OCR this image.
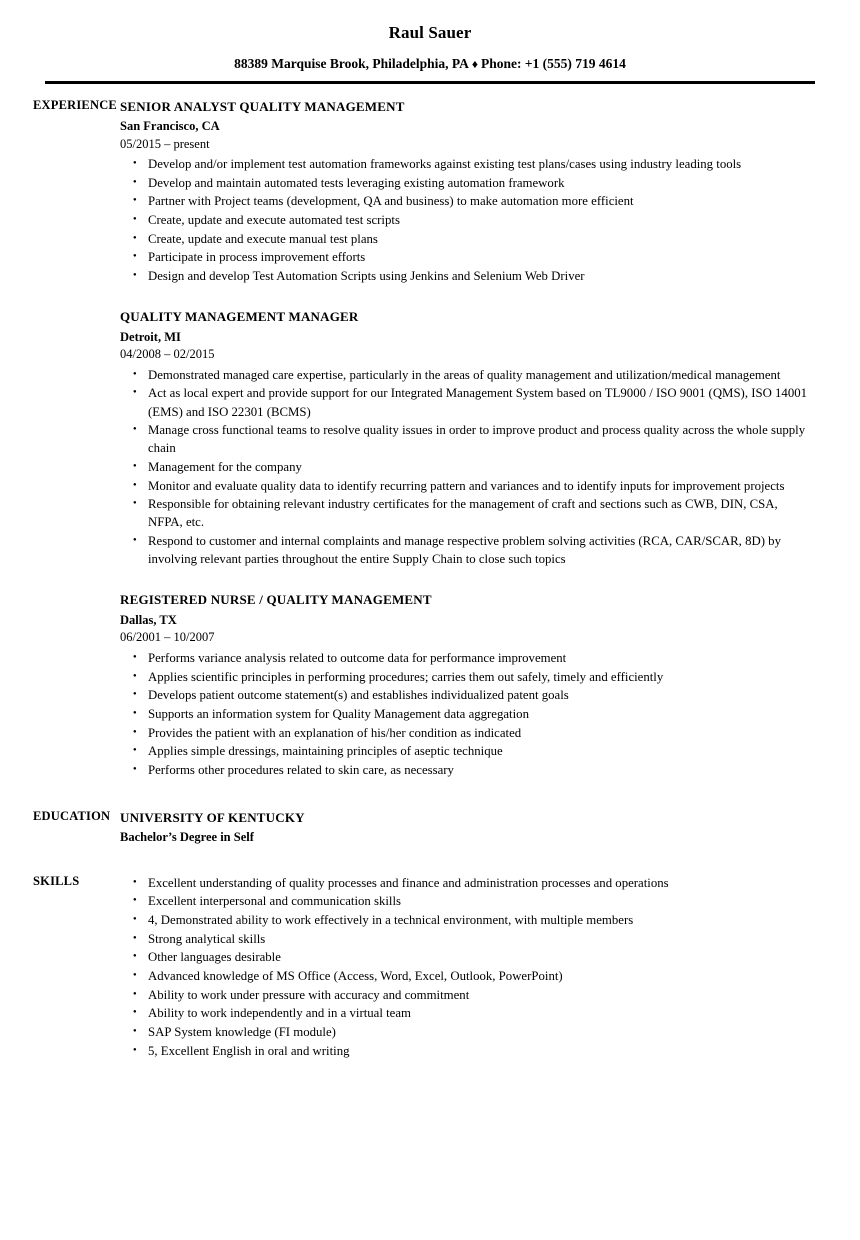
Raul Sauer
88389 Marquise Brook, Philadelphia, PA ♦ Phone: +1 (555) 719 4614
EXPERIENCE SENIOR ANALYST QUALITY MANAGEMENT
San Francisco, CA
05/2015 – present
● Develop and/or implement test automation frameworks against existing test plans/cases using industry leading tools
● Develop and maintain automated tests leveraging existing automation framework
● Partner with Project teams (development, QA and business) to make automation more efficient
● Create, update and execute automated test scripts
● Create, update and execute manual test plans
● Participate in process improvement efforts
● Design and develop Test Automation Scripts using Jenkins and Selenium Web Driver
QUALITY MANAGEMENT MANAGER
Detroit, MI
04/2008 – 02/2015
● Demonstrated managed care expertise, particularly in the areas of quality management and utilization/medical management
● Act as local expert and provide support for our Integrated Management System based on TL9000 / ISO 9001 (QMS), ISO 14001 (EMS) and ISO 22301 (BCMS)
● Manage cross functional teams to resolve quality issues in order to improve product and process quality across the whole supply chain
● Management for the company
● Monitor and evaluate quality data to identify recurring pattern and variances and to identify inputs for improvement projects
● Responsible for obtaining relevant industry certificates for the management of craft and sections such as CWB, DIN, CSA, NFPA, etc.
● Respond to customer and internal complaints and manage respective problem solving activities (RCA, CAR/SCAR, 8D) by involving relevant parties throughout the entire Supply Chain to close such topics
REGISTERED NURSE / QUALITY MANAGEMENT
Dallas, TX
06/2001 – 10/2007
● Performs variance analysis related to outcome data for performance improvement
● Applies scientific principles in performing procedures; carries them out safely, timely and efficiently
● Develops patient outcome statement(s) and establishes individualized patent goals
● Supports an information system for Quality Management data aggregation
● Provides the patient with an explanation of his/her condition as indicated
● Applies simple dressings, maintaining principles of aseptic technique
● Performs other procedures related to skin care, as necessary
EDUCATION UNIVERSITY OF KENTUCKY
Bachelor’s Degree in Self
SKILLS	● Excellent understanding of quality processes and finance and administration processes and operations
● Excellent interpersonal and communication skills
● 4, Demonstrated ability to work effectively in a technical environment, with multiple members
● Strong analytical skills
● Other languages desirable
● Advanced knowledge of MS Office (Access, Word, Excel, Outlook, PowerPoint)
● Ability to work under pressure with accuracy and commitment
● Ability to work independently and in a virtual team
● SAP System knowledge (FI module)
● 5, Excellent English in oral and writing
